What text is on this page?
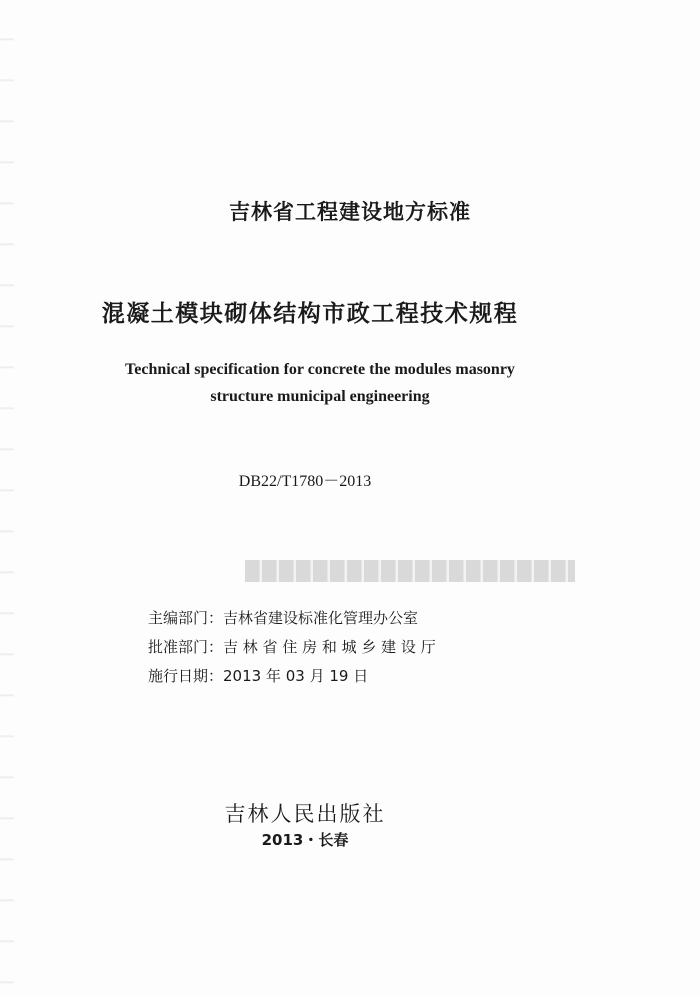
吉林省工程建设地方标准
混凝土模块砌体结构市政工程技术规程
Technical specification for concrete the modules masonry
structure municipal engineering
DB22/T1780－2013
主编部门：吉林省建设标准化管理办公室
批准部门：吉 林 省 住 房 和 城 乡 建 设 厅
施行日期：2013 年 03 月 19 日
吉林人民出版社
2013・长春
